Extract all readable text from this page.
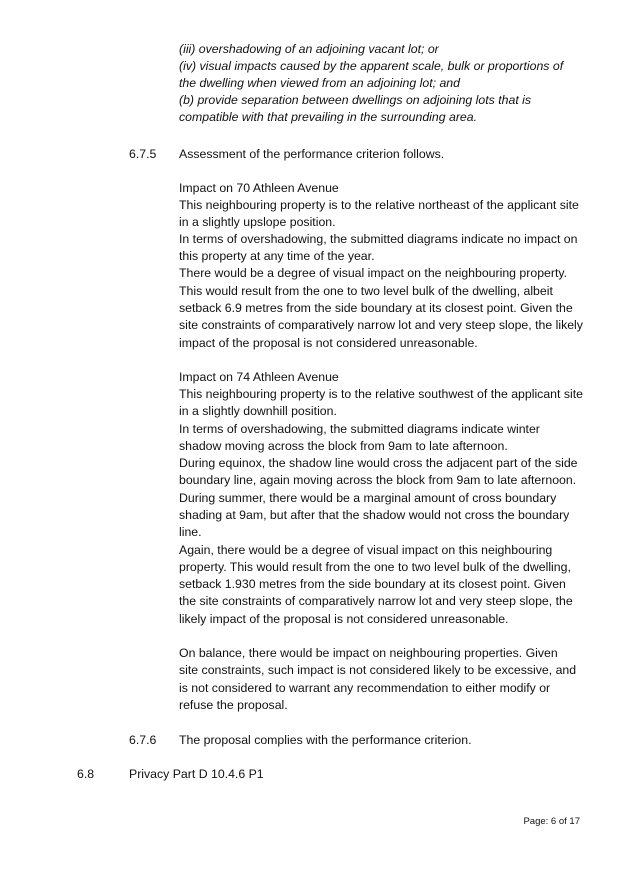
(iii) overshadowing of an adjoining vacant lot; or
(iv) visual impacts caused by the apparent scale, bulk or proportions of
the dwelling when viewed from an adjoining lot; and
(b) provide separation between dwellings on adjoining lots that is
compatible with that prevailing in the surrounding area.
6.7.5 Assessment of the performance criterion follows.
Impact on 70 Athleen Avenue
This neighbouring property is to the relative northeast of the applicant site
in a slightly upslope position.
In terms of overshadowing, the submitted diagrams indicate no impact on
this property at any time of the year.
There would be a degree of visual impact on the neighbouring property.
This would result from the one to two level bulk of the dwelling, albeit
setback 6.9 metres from the side boundary at its closest point. Given the
site constraints of comparatively narrow lot and very steep slope, the likely
impact of the proposal is not considered unreasonable.
Impact on 74 Athleen Avenue
This neighbouring property is to the relative southwest of the applicant site
in a slightly downhill position.
In terms of overshadowing, the submitted diagrams indicate winter
shadow moving across the block from 9am to late afternoon.
During equinox, the shadow line would cross the adjacent part of the side
boundary line, again moving across the block from 9am to late afternoon.
During summer, there would be a marginal amount of cross boundary
shading at 9am, but after that the shadow would not cross the boundary
line.
Again, there would be a degree of visual impact on this neighbouring
property. This would result from the one to two level bulk of the dwelling,
setback 1.930 metres from the side boundary at its closest point. Given
the site constraints of comparatively narrow lot and very steep slope, the
likely impact of the proposal is not considered unreasonable.
On balance, there would be impact on neighbouring properties. Given
site constraints, such impact is not considered likely to be excessive, and
is not considered to warrant any recommendation to either modify or
refuse the proposal.
6.7.6 The proposal complies with the performance criterion.
6.8	Privacy Part D 10.4.6 P1
Page: 6 of 17
